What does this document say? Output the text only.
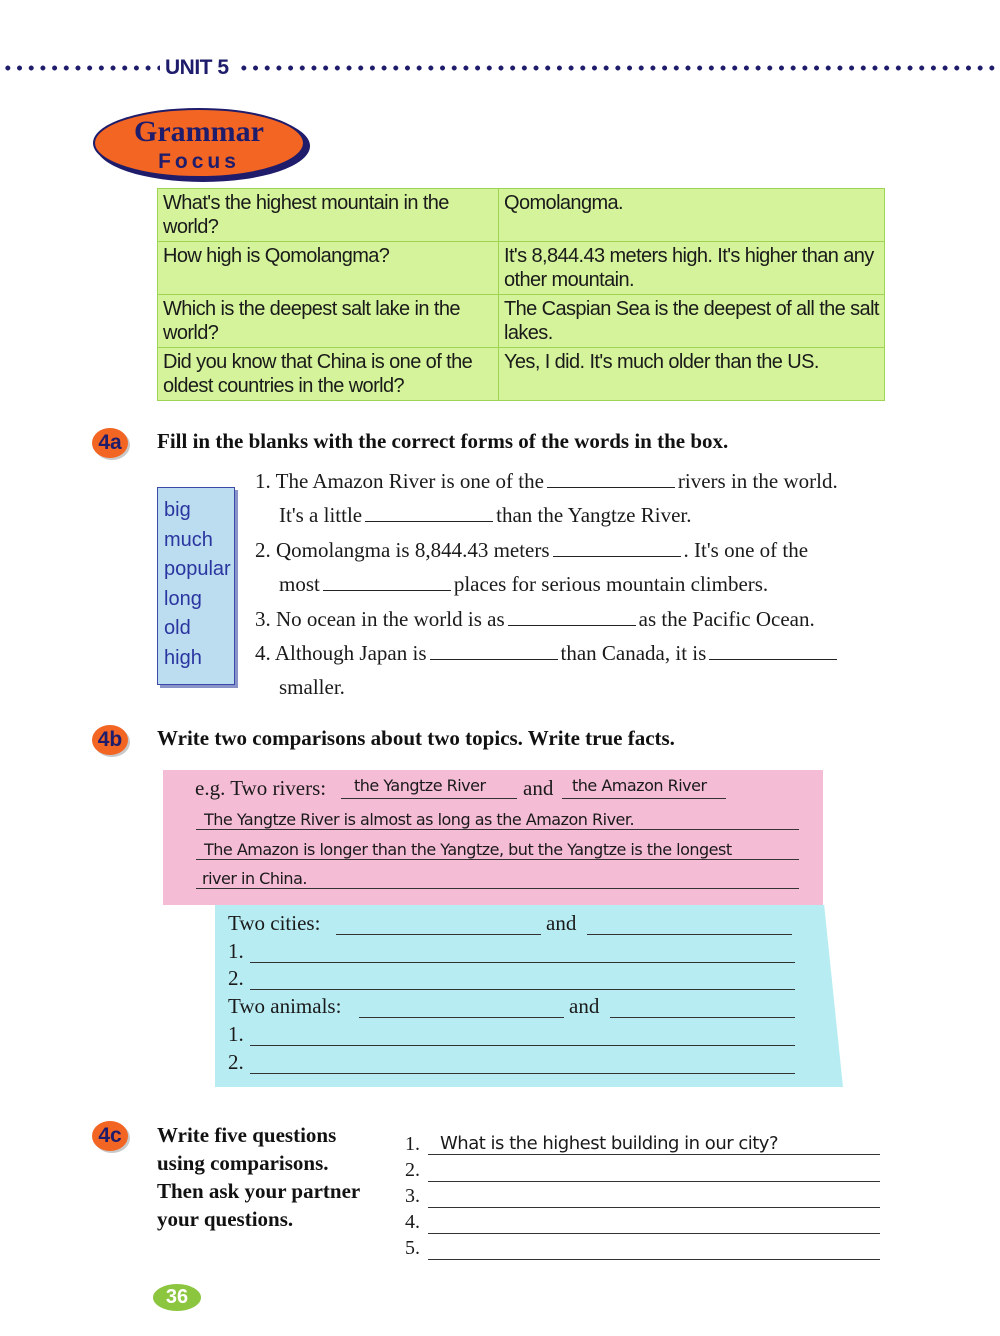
UNIT 5
Grammar
Focus
What's the highest mountain in the world?	Qomolangma.
How high is Qomolangma?	It's 8,844.43 meters high. It's higher than any other mountain.
Which is the deepest salt lake in the world?	The Caspian Sea is the deepest of all the salt lakes.
Did you know that China is one of the oldest countries in the world?	Yes, I did. It's much older than the US.
4a	Fill in the blanks with the correct forms of the words in the box.
big
much
popular
long
old
high
1. The Amazon River is one of the	rivers in the world.
It's a little	than the Yangtze River.
2. Qomolangma is 8,844.43 meters	. It's one of the
most	places for serious mountain climbers.
3. No ocean in the world is as	as the Pacific Ocean.
4. Although Japan is	than Canada, it is
smaller.
4b Write two comparisons about two topics. Write true facts.
e.g. Two rivers:	the Yangtze River	and	the Amazon River
The Yangtze River is almost as long as the Amazon River.
The Amazon is longer than the Yangtze, but the Yangtze is the longest
river in China.
Two cities:	and
1.
2.
Two animals:	and
1.
2.
4c	Write five questions
using comparisons.
Then ask your partner
your questions.
1.	What is the highest building in our city?
2.
3.
4.
5.
36
